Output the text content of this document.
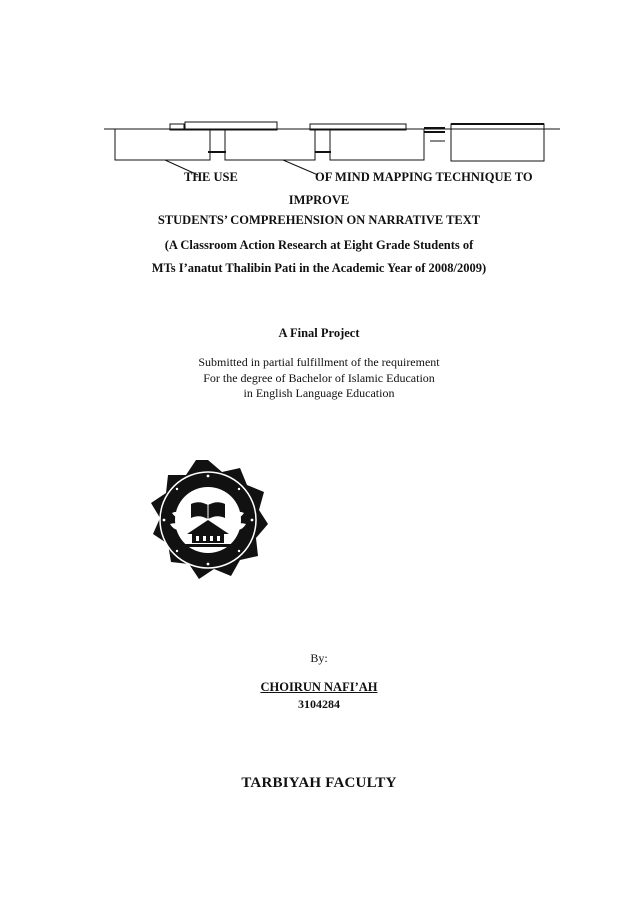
THE USE	OF MIND MAPPING TECHNIQUE TO
IMPROVE
STUDENTS’ COMPREHENSION ON NARRATIVE TEXT
(A Classroom Action Research at Eight Grade Students of
MTs I’anatut Thalibin Pati in the Academic Year of 2008/2009)
A Final Project
Submitted in partial fulfillment of the requirement
For the degree of Bachelor of Islamic Education
in English Language Education
By:
CHOIRUN NAFI’AH
3104284
TARBIYAH FACULTY
